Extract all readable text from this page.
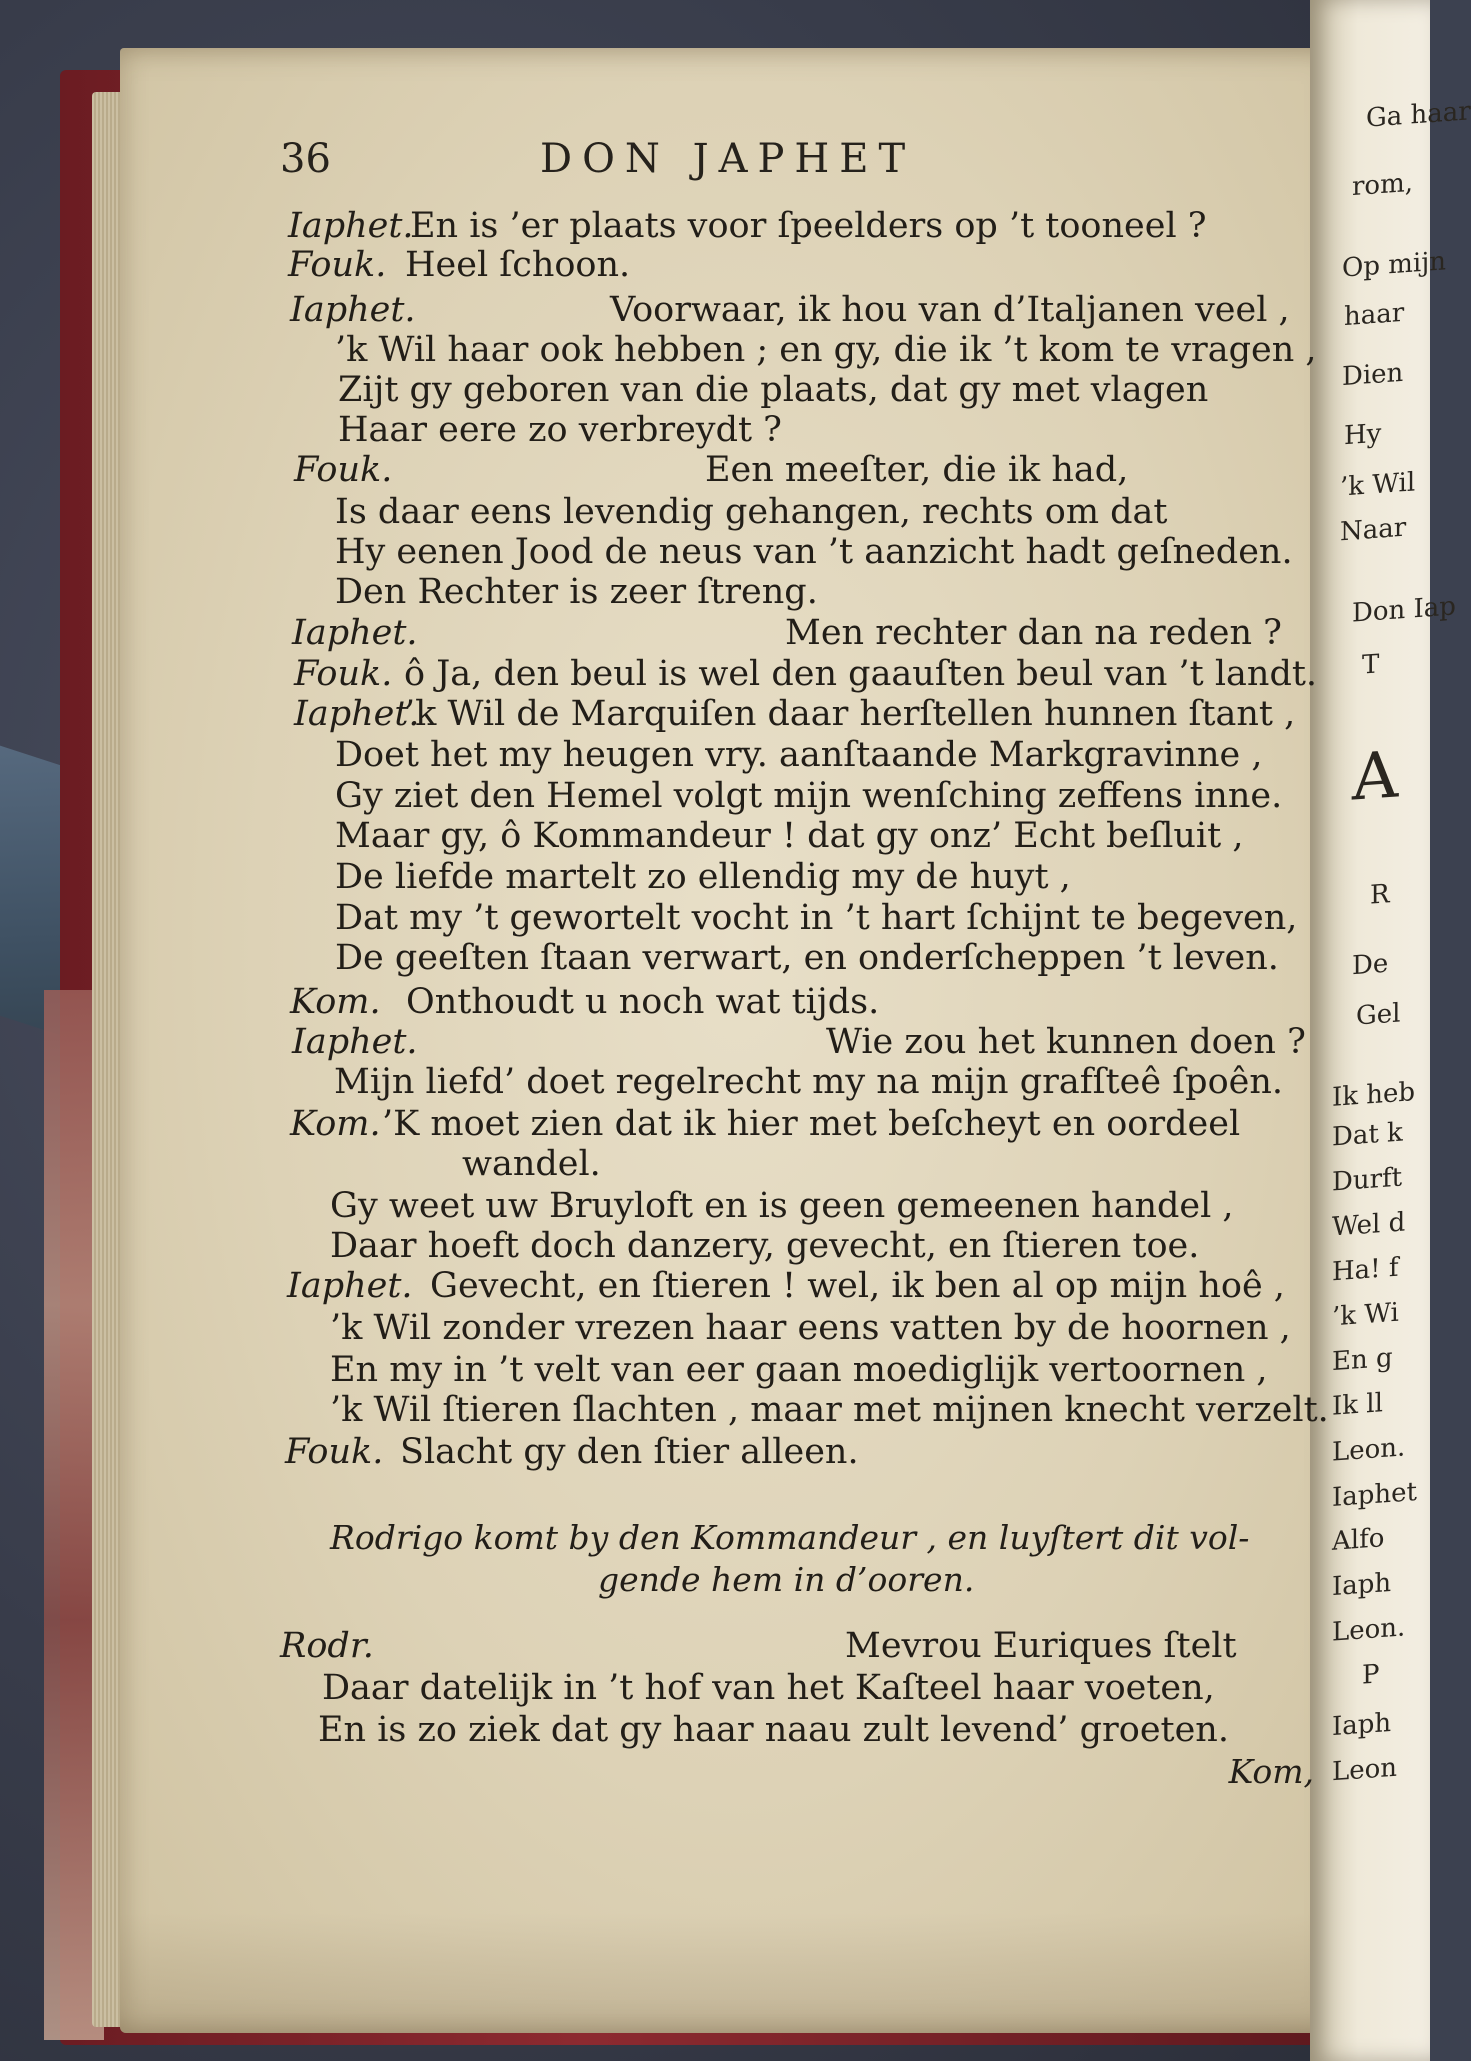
Ga haar
rom,
Op mijn
haar
Dien
Hy
’k Wil
Naar
Don Iap
T
A
R
De
Gel
Ik heb
Dat k
Durft
Wel d
Ha! f
’k Wi
En g
Ik ll
Leon.
Iaphet
Alfo
Iaph
Leon.
P
Iaph
Leon
36	DON JAPHET
Iaphet.
En is ’er plaats voor ſpeelders op ’t tooneel ?
Fouk. Heel ſchoon.
Iaphet.	Voorwaar, ik hou van d’Italjanen veel ,
’k Wil haar ook hebben ; en gy, die ik ’t kom te vragen ,
Zijt gy geboren van die plaats, dat gy met vlagen
Haar eere zo verbreydt ?
Fouk.	Een meeſter, die ik had,
Is daar eens levendig gehangen, rechts om dat
Hy eenen Jood de neus van ’t aanzicht hadt geſneden.
Den Rechter is zeer ſtreng.
Iaphet.	Men rechter dan na reden ?
Fouk. ô Ja, den beul is wel den gaauſten beul van ’t landt.
Iaphet.
’k Wil de Marquiſen daar herſtellen hunnen ſtant ,
Doet het my heugen vry. aanſtaande Markgravinne ,
Gy ziet den Hemel volgt mijn wenſching zeffens inne.
Maar gy, ô Kommandeur ! dat gy onz’ Echt beſluit ,
De liefde martelt zo ellendig my de huyt ,
Dat my ’t gewortelt vocht in ’t hart ſchijnt te begeven,
De geeſten ſtaan verwart, en onderſcheppen ’t leven.
Kom. Onthoudt u noch wat tijds.
Iaphet.	Wie zou het kunnen doen ?
Mijn liefd’ doet regelrecht my na mijn grafſteê ſpoên.
Kom. ’K moet zien dat ik hier met beſcheyt en oordeel
wandel.
Gy weet uw Bruyloft en is geen gemeenen handel ,
Daar hoeft doch danzery, gevecht, en ſtieren toe.
Iaphet. Gevecht, en ſtieren ! wel, ik ben al op mijn hoê ,
’k Wil zonder vrezen haar eens vatten by de hoornen ,
En my in ’t velt van eer gaan moediglijk vertoornen ,
’k Wil ſtieren ſlachten , maar met mijnen knecht verzelt.
Fouk. Slacht gy den ſtier alleen.
Rodrigo komt by den Kommandeur , en luyſtert dit vol-
gende hem in d’ooren.
Rodr.	Mevrou Euriques ſtelt
Daar datelijk in ’t hof van het Kaſteel haar voeten,
En is zo ziek dat gy haar naau zult levend’ groeten.
Kom,
